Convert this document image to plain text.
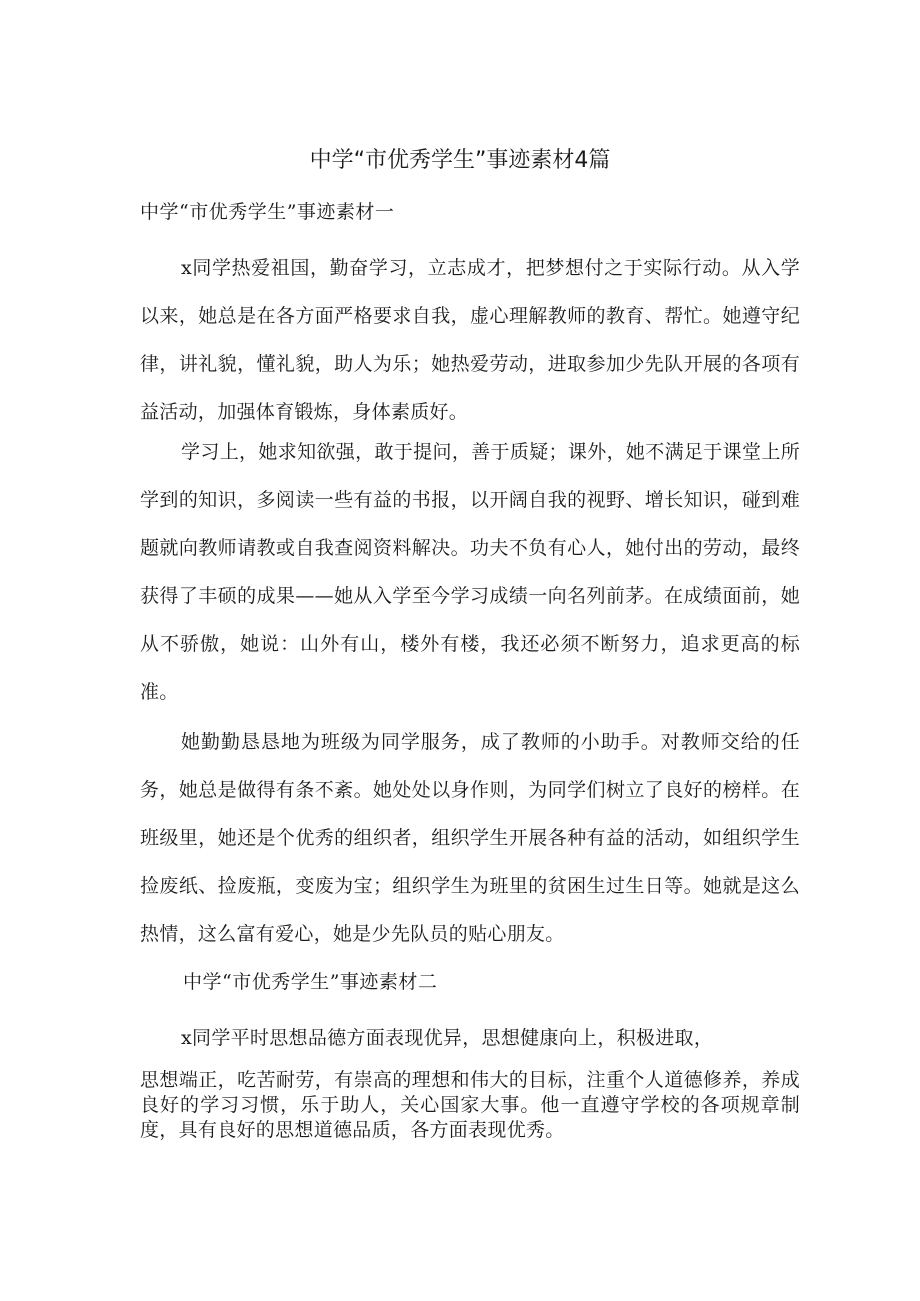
中学“市优秀学生”事迹素材4篇
中学“市优秀学生”事迹素材一

x同学热爱祖国，勤奋学习，立志成才，把梦想付之于实际行动。从入学以来，她总是在各方面严格要求自我，虚心理解教师的教育、帮忙。她遵守纪律，讲礼貌，懂礼貌，助人为乐；她热爱劳动，进取参加少先队开展的各项有益活动，加强体育锻炼，身体素质好。

学习上，她求知欲强，敢于提问，善于质疑；课外，她不满足于课堂上所学到的知识，多阅读一些有益的书报，以开阔自我的视野、增长知识，碰到难题就向教师请教或自我查阅资料解决。功夫不负有心人，她付出的劳动，最终获得了丰硕的成果——她从入学至今学习成绩一向名列前茅。在成绩面前，她从不骄傲，她说：山外有山，楼外有楼，我还必须不断努力，追求更高的标准。

她勤勤恳恳地为班级为同学服务，成了教师的小助手。对教师交给的任务，她总是做得有条不紊。她处处以身作则，为同学们树立了良好的榜样。在班级里，她还是个优秀的组织者，组织学生开展各种有益的活动，如组织学生捡废纸、捡废瓶，变废为宝；组织学生为班里的贫困生过生日等。她就是这么热情，这么富有爱心，她是少先队员的贴心朋友。

中学“市优秀学生”事迹素材二

x同学平时思想品德方面表现优异，思想健康向上，积极进取，

思想端正，吃苦耐劳，有崇高的理想和伟大的目标，注重个人道德修养，养成良好的学习习惯，乐于助人，关心国家大事。他一直遵守学校的各项规章制度，具有良好的思想道德品质，各方面表现优秀。
